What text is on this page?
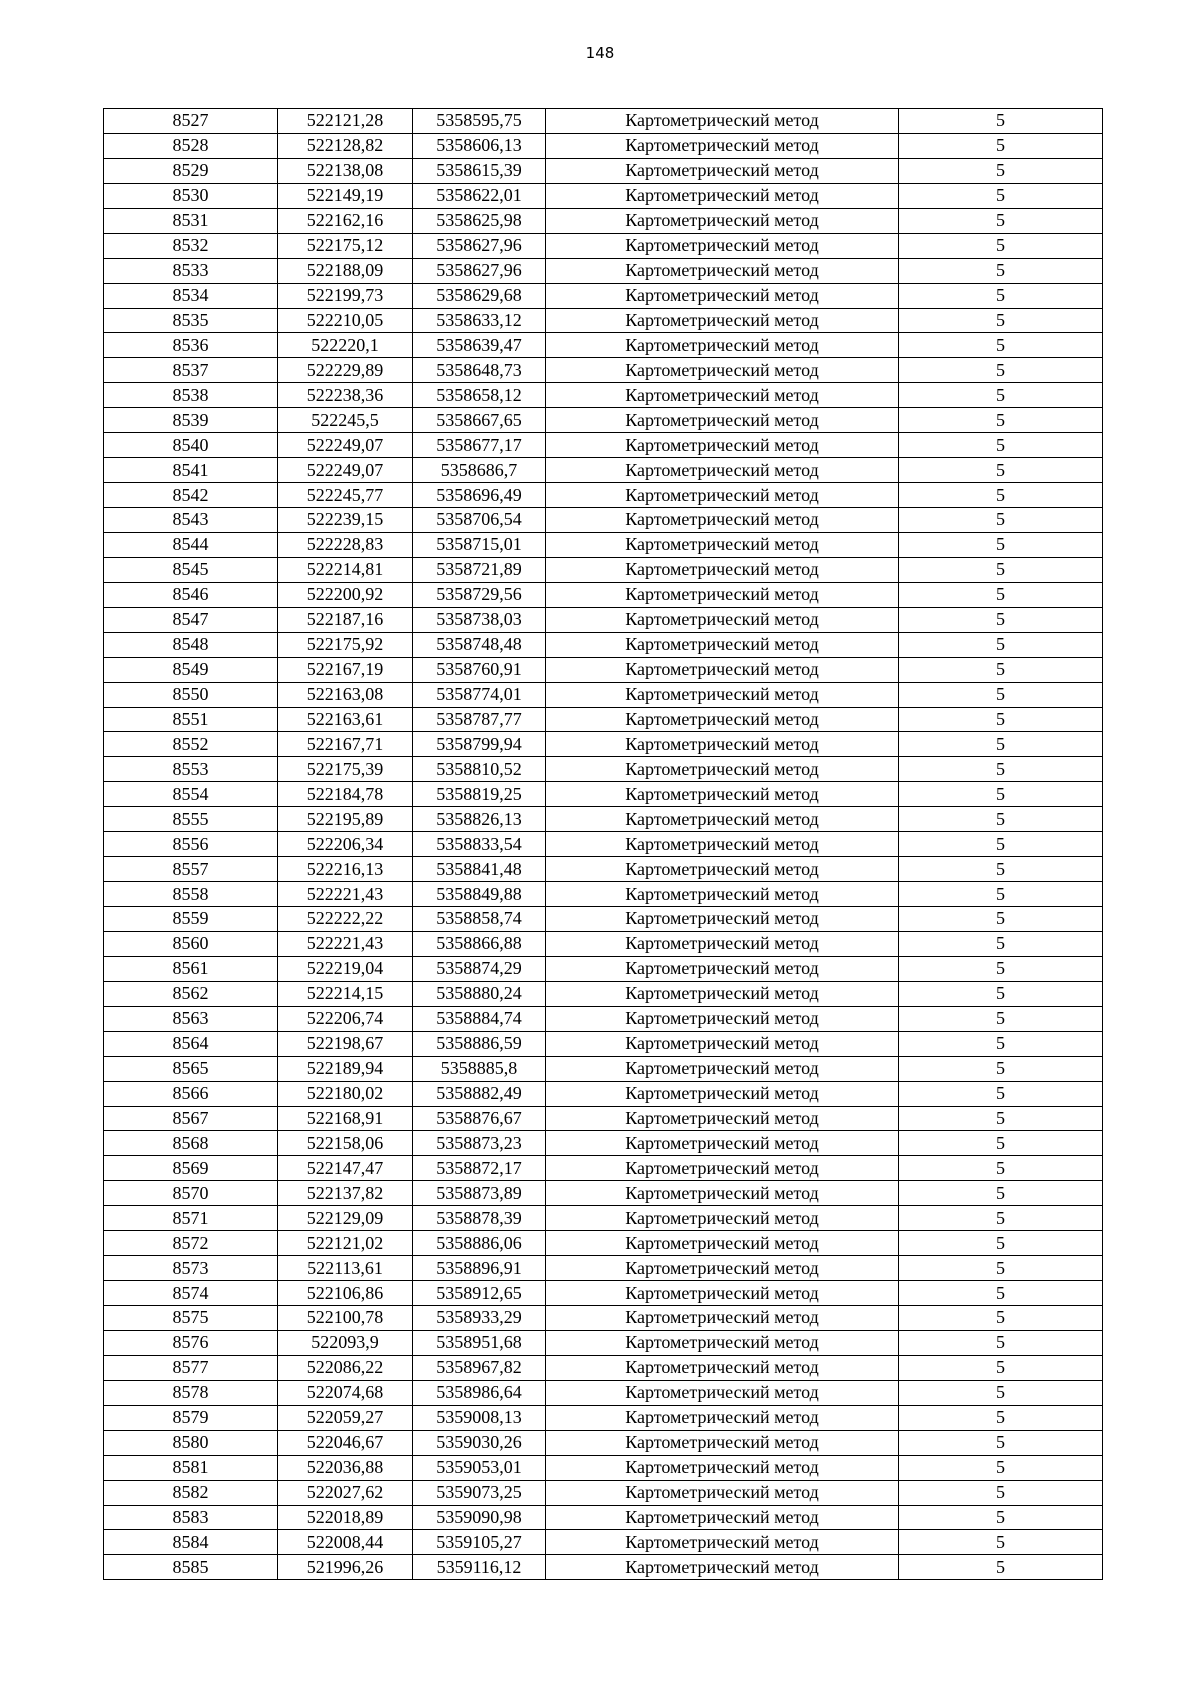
148
8527	522121,28	5358595,75	Картометрический метод	5
8528	522128,82	5358606,13	Картометрический метод	5
8529	522138,08	5358615,39	Картометрический метод	5
8530	522149,19	5358622,01	Картометрический метод	5
8531	522162,16	5358625,98	Картометрический метод	5
8532	522175,12	5358627,96	Картометрический метод	5
8533	522188,09	5358627,96	Картометрический метод	5
8534	522199,73	5358629,68	Картометрический метод	5
8535	522210,05	5358633,12	Картометрический метод	5
8536	522220,1	5358639,47	Картометрический метод	5
8537	522229,89	5358648,73	Картометрический метод	5
8538	522238,36	5358658,12	Картометрический метод	5
8539	522245,5	5358667,65	Картометрический метод	5
8540	522249,07	5358677,17	Картометрический метод	5
8541	522249,07	5358686,7	Картометрический метод	5
8542	522245,77	5358696,49	Картометрический метод	5
8543	522239,15	5358706,54	Картометрический метод	5
8544	522228,83	5358715,01	Картометрический метод	5
8545	522214,81	5358721,89	Картометрический метод	5
8546	522200,92	5358729,56	Картометрический метод	5
8547	522187,16	5358738,03	Картометрический метод	5
8548	522175,92	5358748,48	Картометрический метод	5
8549	522167,19	5358760,91	Картометрический метод	5
8550	522163,08	5358774,01	Картометрический метод	5
8551	522163,61	5358787,77	Картометрический метод	5
8552	522167,71	5358799,94	Картометрический метод	5
8553	522175,39	5358810,52	Картометрический метод	5
8554	522184,78	5358819,25	Картометрический метод	5
8555	522195,89	5358826,13	Картометрический метод	5
8556	522206,34	5358833,54	Картометрический метод	5
8557	522216,13	5358841,48	Картометрический метод	5
8558	522221,43	5358849,88	Картометрический метод	5
8559	522222,22	5358858,74	Картометрический метод	5
8560	522221,43	5358866,88	Картометрический метод	5
8561	522219,04	5358874,29	Картометрический метод	5
8562	522214,15	5358880,24	Картометрический метод	5
8563	522206,74	5358884,74	Картометрический метод	5
8564	522198,67	5358886,59	Картометрический метод	5
8565	522189,94	5358885,8	Картометрический метод	5
8566	522180,02	5358882,49	Картометрический метод	5
8567	522168,91	5358876,67	Картометрический метод	5
8568	522158,06	5358873,23	Картометрический метод	5
8569	522147,47	5358872,17	Картометрический метод	5
8570	522137,82	5358873,89	Картометрический метод	5
8571	522129,09	5358878,39	Картометрический метод	5
8572	522121,02	5358886,06	Картометрический метод	5
8573	522113,61	5358896,91	Картометрический метод	5
8574	522106,86	5358912,65	Картометрический метод	5
8575	522100,78	5358933,29	Картометрический метод	5
8576	522093,9	5358951,68	Картометрический метод	5
8577	522086,22	5358967,82	Картометрический метод	5
8578	522074,68	5358986,64	Картометрический метод	5
8579	522059,27	5359008,13	Картометрический метод	5
8580	522046,67	5359030,26	Картометрический метод	5
8581	522036,88	5359053,01	Картометрический метод	5
8582	522027,62	5359073,25	Картометрический метод	5
8583	522018,89	5359090,98	Картометрический метод	5
8584	522008,44	5359105,27	Картометрический метод	5
8585	521996,26	5359116,12	Картометрический метод	5
